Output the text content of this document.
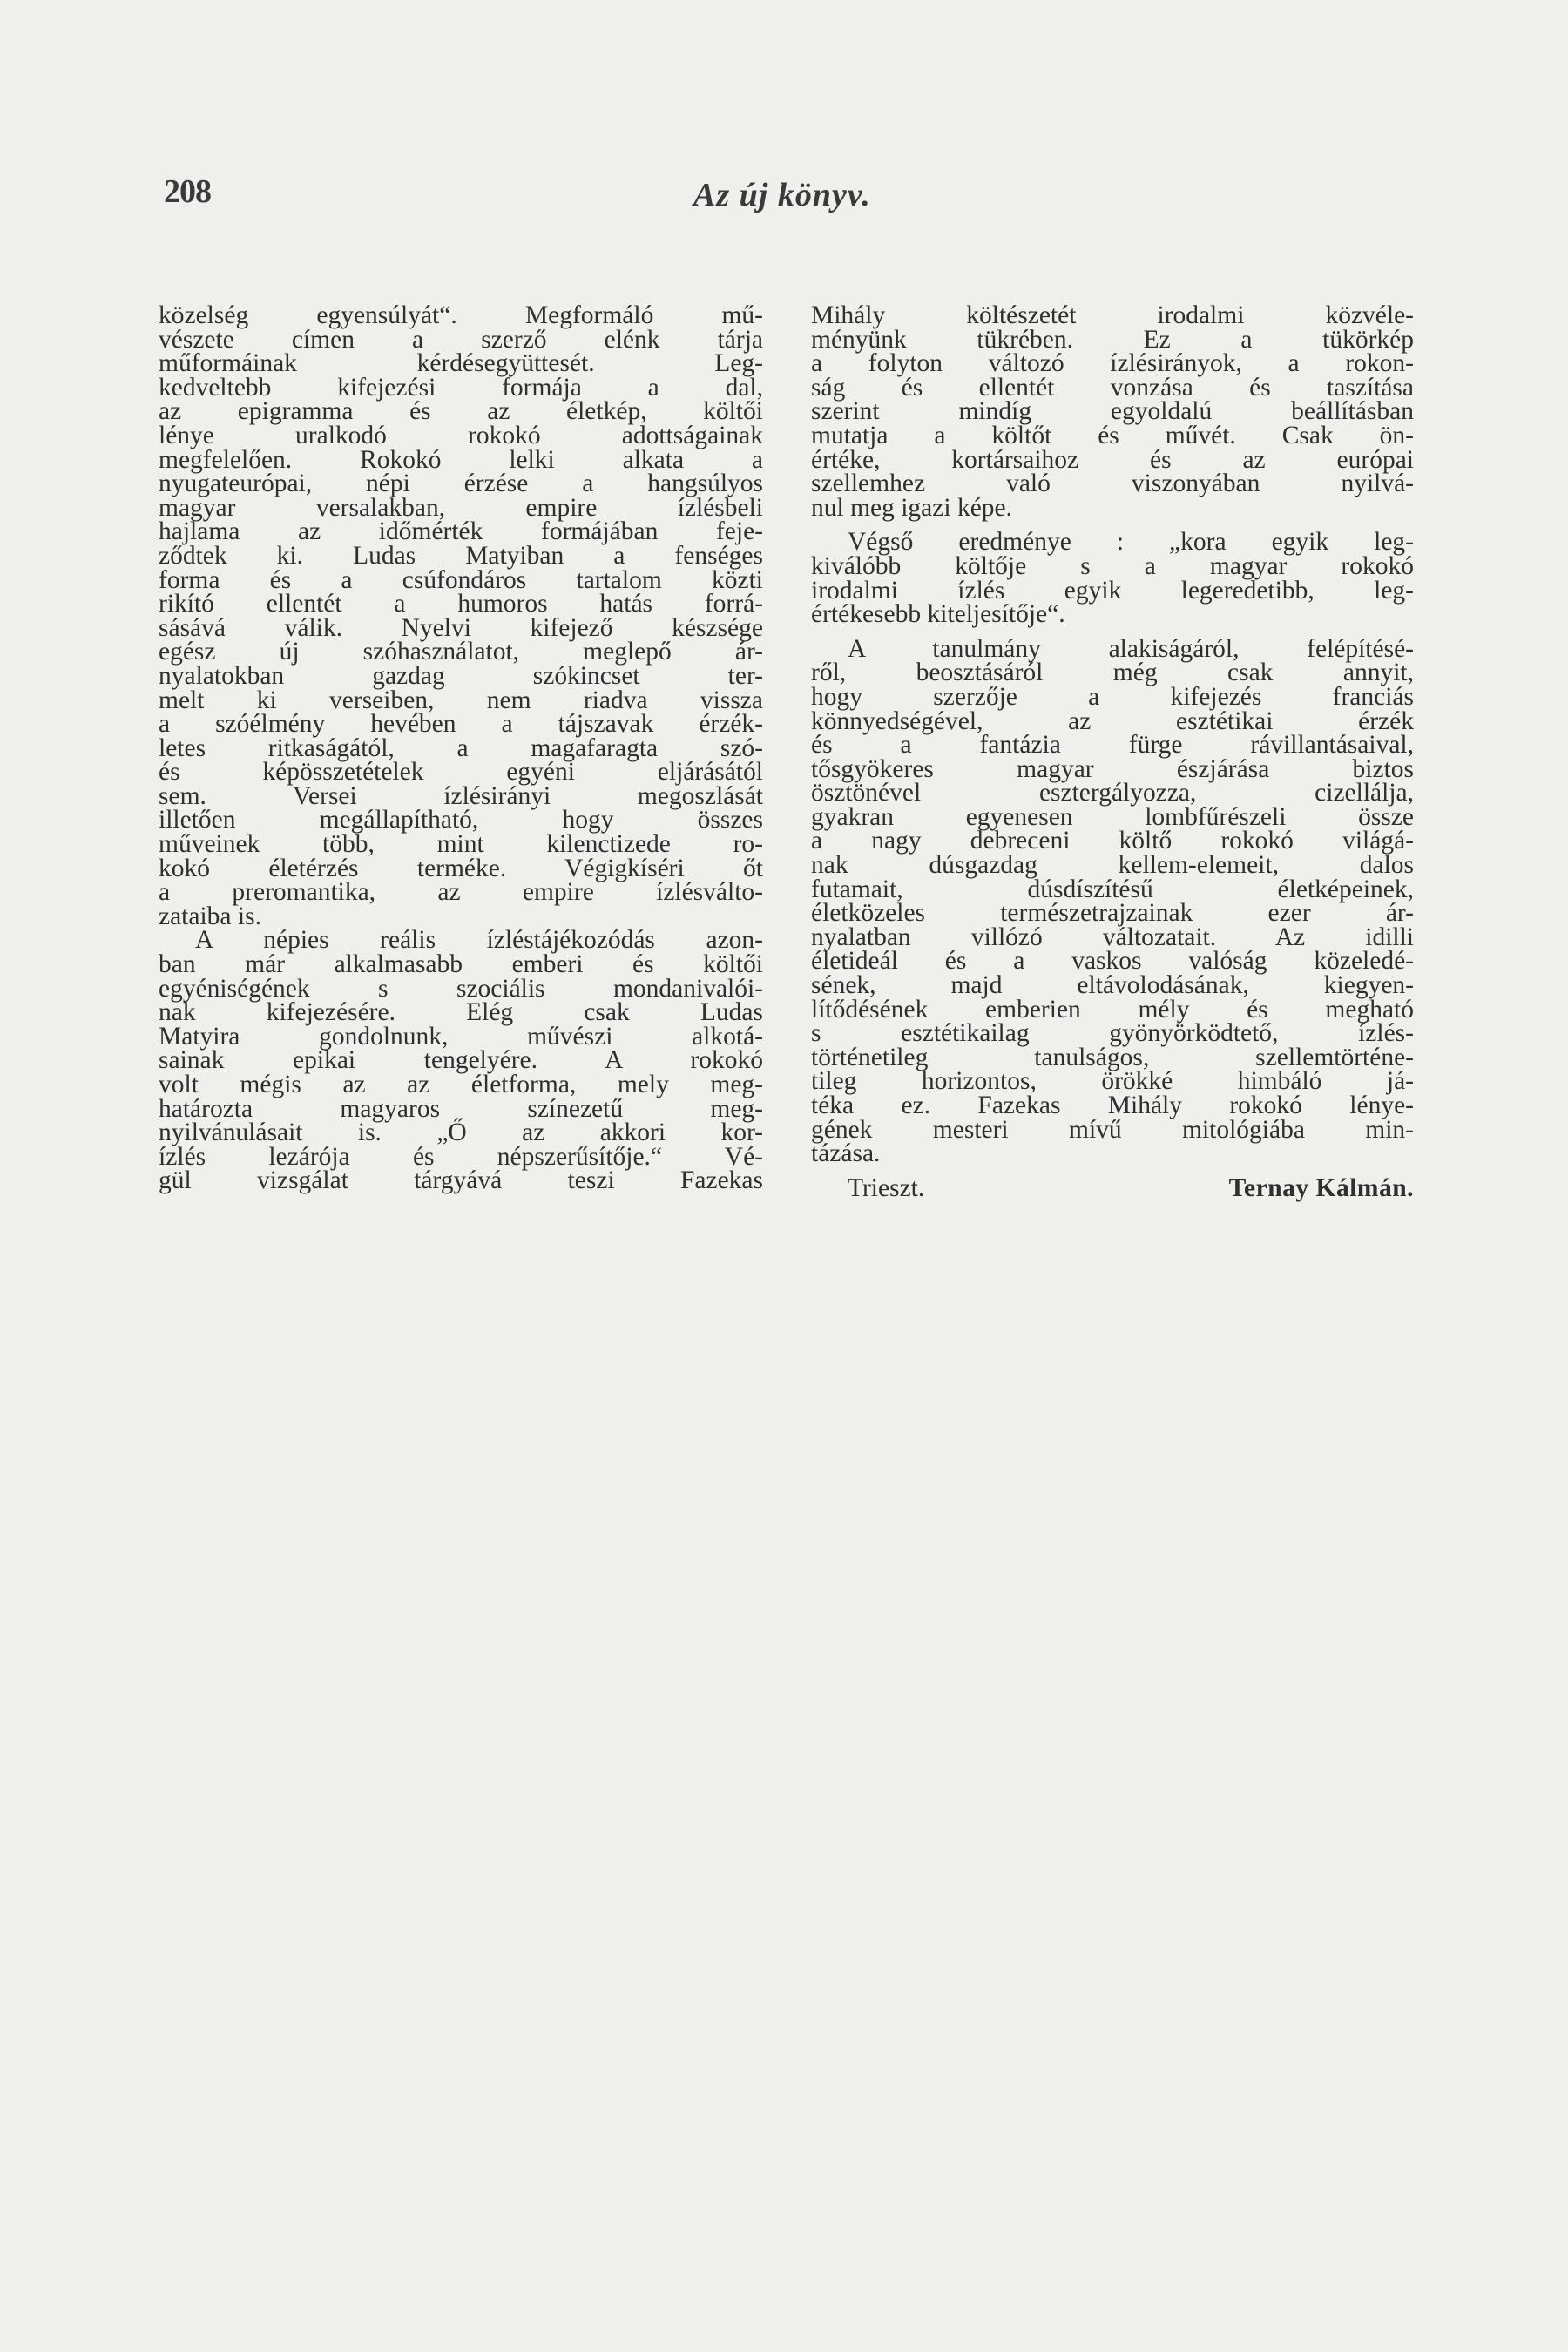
208	Az új könyv.
közelség egyensúlyát“. Megformáló mű-
vészete címen a szerző elénk tárja
műformáinak kérdésegyüttesét. Leg-
kedveltebb kifejezési formája a dal,
az epigramma és az életkép, költői
lénye uralkodó rokokó adottságainak
megfelelően. Rokokó lelki alkata a
nyugateurópai, népi érzése a hangsúlyos
magyar versalakban, empire ízlésbeli
hajlama az időmérték formájában feje-
ződtek ki. Ludas Matyiban a fenséges
forma és a csúfondáros tartalom közti
rikító ellentét a humoros hatás forrá-
sásává válik. Nyelvi kifejező készsége
egész új szóhasználatot, meglepő ár-
nyalatokban gazdag szókincset ter-
melt ki verseiben, nem riadva vissza
a szóélmény hevében a tájszavak érzék-
letes ritkaságától, a magafaragta szó-
és képösszetételek egyéni eljárásától
sem. Versei ízlésirányi megoszlását
illetően megállapítható, hogy összes
műveinek több, mint kilenctizede ro-
kokó életérzés terméke. Végigkíséri őt
a preromantika, az empire ízlésválto-
zataiba is.
A népies reális ízléstájékozódás azon-
ban már alkalmasabb emberi és költői
egyéniségének s szociális mondanivalói-
nak kifejezésére. Elég csak Ludas
Matyira gondolnunk, művészi alkotá-
sainak epikai tengelyére. A rokokó
volt mégis az az életforma, mely meg-
határozta magyaros színezetű meg-
nyilvánulásait is. „Ő az akkori kor-
ízlés lezárója és népszerűsítője.“ Vé-
gül vizsgálat tárgyává teszi Fazekas
Mihály költészetét irodalmi közvéle-
ményünk tükrében. Ez a tükörkép
a folyton változó ízlésirányok, a rokon-
ság és ellentét vonzása és taszítása
szerint mindíg egyoldalú beállításban
mutatja a költőt és művét. Csak ön-
értéke, kortársaihoz és az európai
szellemhez való viszonyában nyilvá-
nul meg igazi képe.
Végső eredménye : „kora egyik leg-
kiválóbb költője s a magyar rokokó
irodalmi ízlés egyik legeredetibb, leg-
értékesebb kiteljesítője“.
A tanulmány alakiságáról, felépítésé-
ről, beosztásáról még csak annyit,
hogy szerzője a kifejezés franciás
könnyedségével, az esztétikai érzék
és a fantázia fürge rávillantásaival,
tősgyökeres magyar észjárása biztos
ösztönével esztergályozza, cizellálja,
gyakran egyenesen lombfűrészeli össze
a nagy debreceni költő rokokó világá-
nak dúsgazdag kellem-elemeit, dalos
futamait, dúsdíszítésű életképeinek,
életközeles természetrajzainak ezer ár-
nyalatban villózó változatait. Az idilli
életideál és a vaskos valóság közeledé-
sének, majd eltávolodásának, kiegyen-
lítődésének emberien mély és megható
s esztétikailag gyönyörködtető, ízlés-
történetileg tanulságos, szellemtörténe-
tileg horizontos, örökké himbáló já-
téka ez. Fazekas Mihály rokokó lénye-
gének mesteri mívű mitológiába min-
tázása.
Trieszt.	Ternay Kálmán.
